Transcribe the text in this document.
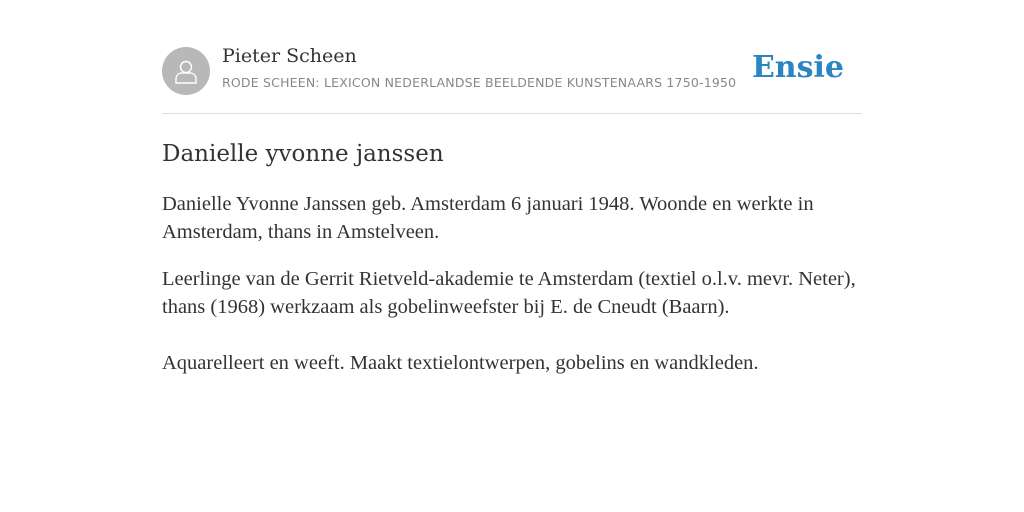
Pieter Scheen
RODE SCHEEN: LEXICON NEDERLANDSE BEELDENDE KUNSTENAARS 1750-1950 Ensie
Danielle yvonne janssen

Danielle Yvonne Janssen geb. Amsterdam 6 januari 1948. Woonde en werkte in Amsterdam, thans in Amstelveen.

Leerlinge van de Gerrit Rietveld-akademie te Amsterdam (textiel o.l.v. mevr. Neter), thans (1968) werkzaam als gobelinweefster bij E. de Cneudt (Baarn).

Aquarelleert en weeft. Maakt textielontwerpen, gobelins en wandkleden.
